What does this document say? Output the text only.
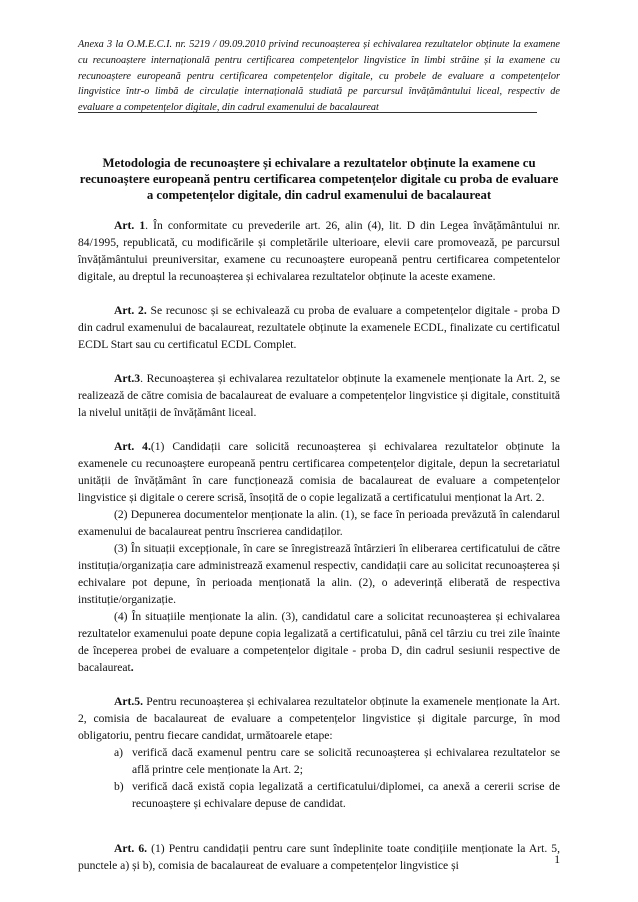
Anexa 3 la O.M.E.C.I. nr. 5219 / 09.09.2010 privind recunoașterea și echivalarea rezultatelor obținute la examene cu recunoaștere internațională pentru certificarea competențelor lingvistice în limbi străine și la examene cu recunoaștere europeană pentru certificarea competențelor digitale, cu probele de evaluare a competențelor lingvistice într-o limbă de circulație internațională studiată pe parcursul învățământului liceal, respectiv de evaluare a competențelor digitale, din cadrul examenului de bacalaureat
Metodologia de recunoaștere și echivalare a rezultatelor obținute la examene cu recunoaștere europeană pentru certificarea competențelor digitale cu proba de evaluare a competențelor digitale, din cadrul examenului de bacalaureat

Art. 1. În conformitate cu prevederile art. 26, alin (4), lit. D din Legea învățământului nr. 84/1995, republicată, cu modificările și completările ulterioare, elevii care promovează, pe parcursul învățământului preuniversitar, examene cu recunoaștere europeană pentru certificarea competentelor digitale, au dreptul la recunoașterea și echivalarea rezultatelor obținute la aceste examene.

Art. 2. Se recunosc și se echivalează cu proba de evaluare a competențelor digitale - proba D din cadrul examenului de bacalaureat, rezultatele obținute la examenele ECDL, finalizate cu certificatul ECDL Start sau cu certificatul ECDL Complet.

Art.3. Recunoașterea și echivalarea rezultatelor obținute la examenele menționate la Art. 2, se realizează de către comisia de bacalaureat de evaluare a competențelor lingvistice și digitale, constituită la nivelul unității de învățământ liceal.

Art. 4.(1) Candidații care solicită recunoașterea și echivalarea rezultatelor obținute la examenele cu recunoaștere europeană pentru certificarea competențelor digitale, depun la secretariatul unității de învățământ în care funcționează comisia de bacalaureat de evaluare a competențelor lingvistice și digitale o cerere scrisă, însoțită de o copie legalizată a certificatului menționat la Art. 2.

(2) Depunerea documentelor menționate la alin. (1), se face în perioada prevăzută în calendarul examenului de bacalaureat pentru înscrierea candidaților.

(3) În situații excepționale, în care se înregistrează întârzieri în eliberarea certificatului de către instituția/organizația care administrează examenul respectiv, candidații care au solicitat recunoașterea și echivalare pot depune, în perioada menționată la alin. (2), o adeverință eliberată de respectiva instituție/organizație.

(4) În situațiile menționate la alin. (3), candidatul care a solicitat recunoașterea și echivalarea rezultatelor examenului poate depune copia legalizată a certificatului, până cel târziu cu trei zile înainte de începerea probei de evaluare a competențelor digitale - proba D, din cadrul sesiunii respective de bacalaureat.

Art.5. Pentru recunoașterea și echivalarea rezultatelor obținute la examenele menționate la Art. 2, comisia de bacalaureat de evaluare a competențelor lingvistice și digitale parcurge, în mod obligatoriu, pentru fiecare candidat, următoarele etape:

a) verifică dacă examenul pentru care se solicită recunoașterea și echivalarea rezultatelor se află printre cele menționate la Art. 2;
b) verifică dacă există copia legalizată a certificatului/diplomei, ca anexă a cererii scrise de recunoaștere și echivalare depuse de candidat.

Art. 6. (1) Pentru candidații pentru care sunt îndeplinite toate condițiile menționate la Art. 5, punctele a) și b), comisia de bacalaureat de evaluare a competențelor lingvistice și	1
